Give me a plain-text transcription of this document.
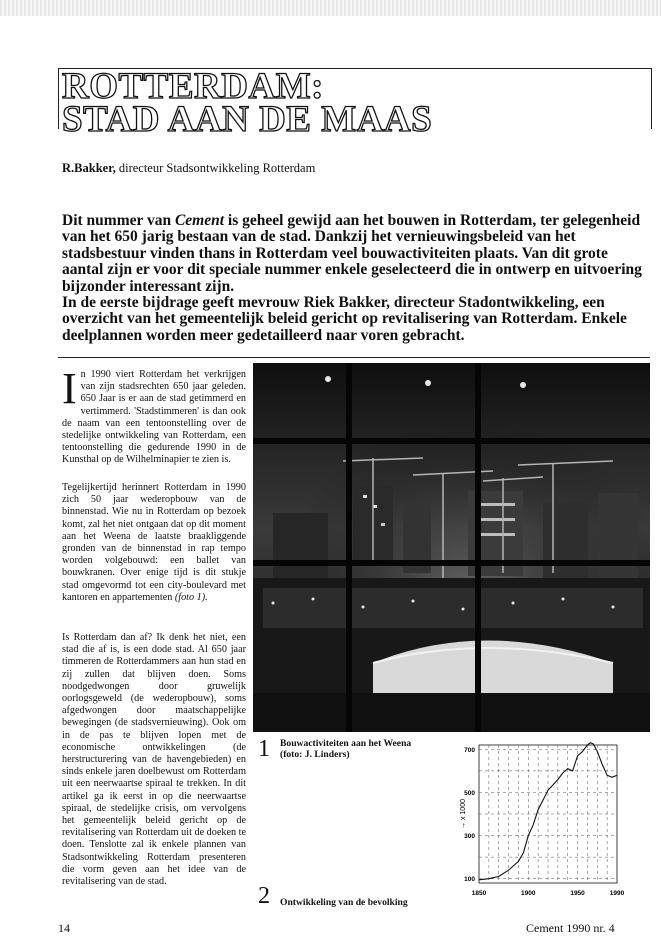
ROTTERDAM:
STAD AAN DE MAAS
R.Bakker, directeur Stadsontwikkeling Rotterdam
Dit nummer van Cement is geheel gewijd aan het bouwen in Rotterdam, ter gelegenheid van het 650 jarig bestaan van de stad. Dankzij het vernieuwingsbeleid van het stadsbestuur vinden thans in Rotterdam veel bouwactiviteiten plaats. Van dit grote aantal zijn er voor dit speciale nummer enkele geselecteerd die in ontwerp en uitvoering bijzonder interessant zijn.
In de eerste bijdrage geeft mevrouw Riek Bakker, directeur Stadontwikkeling, een overzicht van het gemeentelijk beleid gericht op revitalisering van Rotterdam. Enkele deelplannen worden meer gedetailleerd naar voren gebracht.

In 1990 viert Rotterdam het verkrijgen van zijn stadsrechten 650 jaar geleden. 650 Jaar is er aan de stad getimmerd en vertimmerd. 'Stadstimmeren' is dan ook de naam van een tentoonstelling over de stedelijke ontwikkeling van Rotterdam, een tentoonstelling die gedurende 1990 in de Kunsthal op de Wilhelminapier te zien is.

Tegelijkertijd herinnert Rotterdam in 1990 zich 50 jaar wederopbouw van de binnenstad. Wie nu in Rotterdam op bezoek komt, zal het niet ontgaan dat op dit moment aan het Weena de laatste braakliggende gronden van de binnenstad in rap tempo worden volgebouwd: een ballet van bouwkranen. Over enige tijd is dit stukje stad omgevormd tot een city-boulevard met kantoren en appartementen (foto 1).

Is Rotterdam dan af? Ik denk het niet, een stad die af is, is een dode stad. Al 650 jaar timmeren de Rotterdammers aan hun stad en zij zullen dat blijven doen. Soms noodgedwongen door gruwelijk oorlogsgeweld (de wederopbouw), soms afgedwongen door maatschappelijke bewegingen (de stadsvernieuwing). Ook om in de pas te blijven lopen met de economische ontwikkelingen (de herstructurering van de havengebieden) en sinds enkele jaren doelbewust om Rotterdam uit een neerwaartse spiraal te trekken. In dit artikel ga ik eerst in op die neerwaartse spiraal, de stedelijke crisis, om vervolgens het gemeentelijk beleid gericht op de revitalisering van Rotterdam uit de doeken te doen. Tenslotte zal ik enkele plannen van Stadsontwikkeling Rotterdam presenteren die vorm geven aan het idee van de revitalisering van de stad.

1 Bouwactiviteiten aan het Weena (foto: J. Linders)
100
300
500
700
1850	1900	1950	1990
→ x 1000
2 Ontwikkeling van de bevolking
14	Cement 1990 nr. 4
